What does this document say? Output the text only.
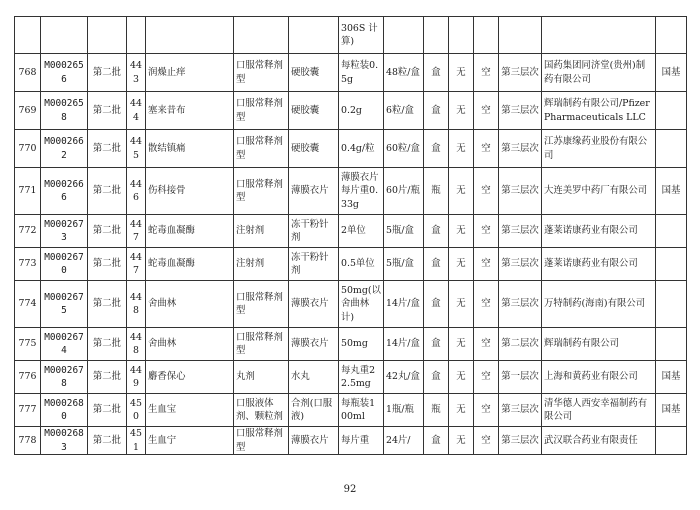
							306S 计算)							
768	M0002656	第二批	443	润燥止痒	口服常释剂型	硬胶囊	每粒装0.5g	48粒/盒	盒	无	空	第三层次	国药集团同济堂(贵州)制药有限公司	国基
769	M0002658	第二批	444	塞来昔布	口服常释剂型	硬胶囊	0.2g	6粒/盒	盒	无	空	第三层次	辉瑞制药有限公司/Pfizer Pharmaceuticals LLC	
770	M0002662	第二批	445	散结镇痛	口服常释剂型	硬胶囊	0.4g/粒	60粒/盒	盒	无	空	第三层次	江苏康缘药业股份有限公司	
771	M0002666	第二批	446	伤科接骨	口服常释剂型	薄膜衣片	薄膜衣片每片重0.33g	60片/瓶	瓶	无	空	第三层次	大连美罗中药厂有限公司	国基
772	M0002673	第二批	447	蛇毒血凝酶	注射剂	冻干粉针剂	2单位	5瓶/盒	盒	无	空	第三层次	蓬莱诺康药业有限公司	
773	M0002670	第二批	447	蛇毒血凝酶	注射剂	冻干粉针剂	0.5单位	5瓶/盒	盒	无	空	第三层次	蓬莱诺康药业有限公司	
774	M0002675	第二批	448	舍曲林	口服常释剂型	薄膜衣片	50mg(以舍曲林计)	14片/盒	盒	无	空	第三层次	万特制药(海南)有限公司	
775	M0002674	第二批	448	舍曲林	口服常释剂型	薄膜衣片	50mg	14片/盒	盒	无	空	第二层次	辉瑞制药有限公司	
776	M0002678	第二批	449	麝香保心	丸剂	水丸	每丸重22.5mg	42丸/盒	盒	无	空	第一层次	上海和黄药业有限公司	国基
777	M0002680	第二批	450	生血宝	口服液体剂、颗粒剂	合剂(口服液)	每瓶装100ml	1瓶/瓶	瓶	无	空	第三层次	清华德人西安幸福制药有限公司	国基
778	M0002683	第二批	451	生血宁	口服常释剂型	薄膜衣片	每片重	24片/	盒	无	空	第三层次	武汉联合药业有限责任	
92
